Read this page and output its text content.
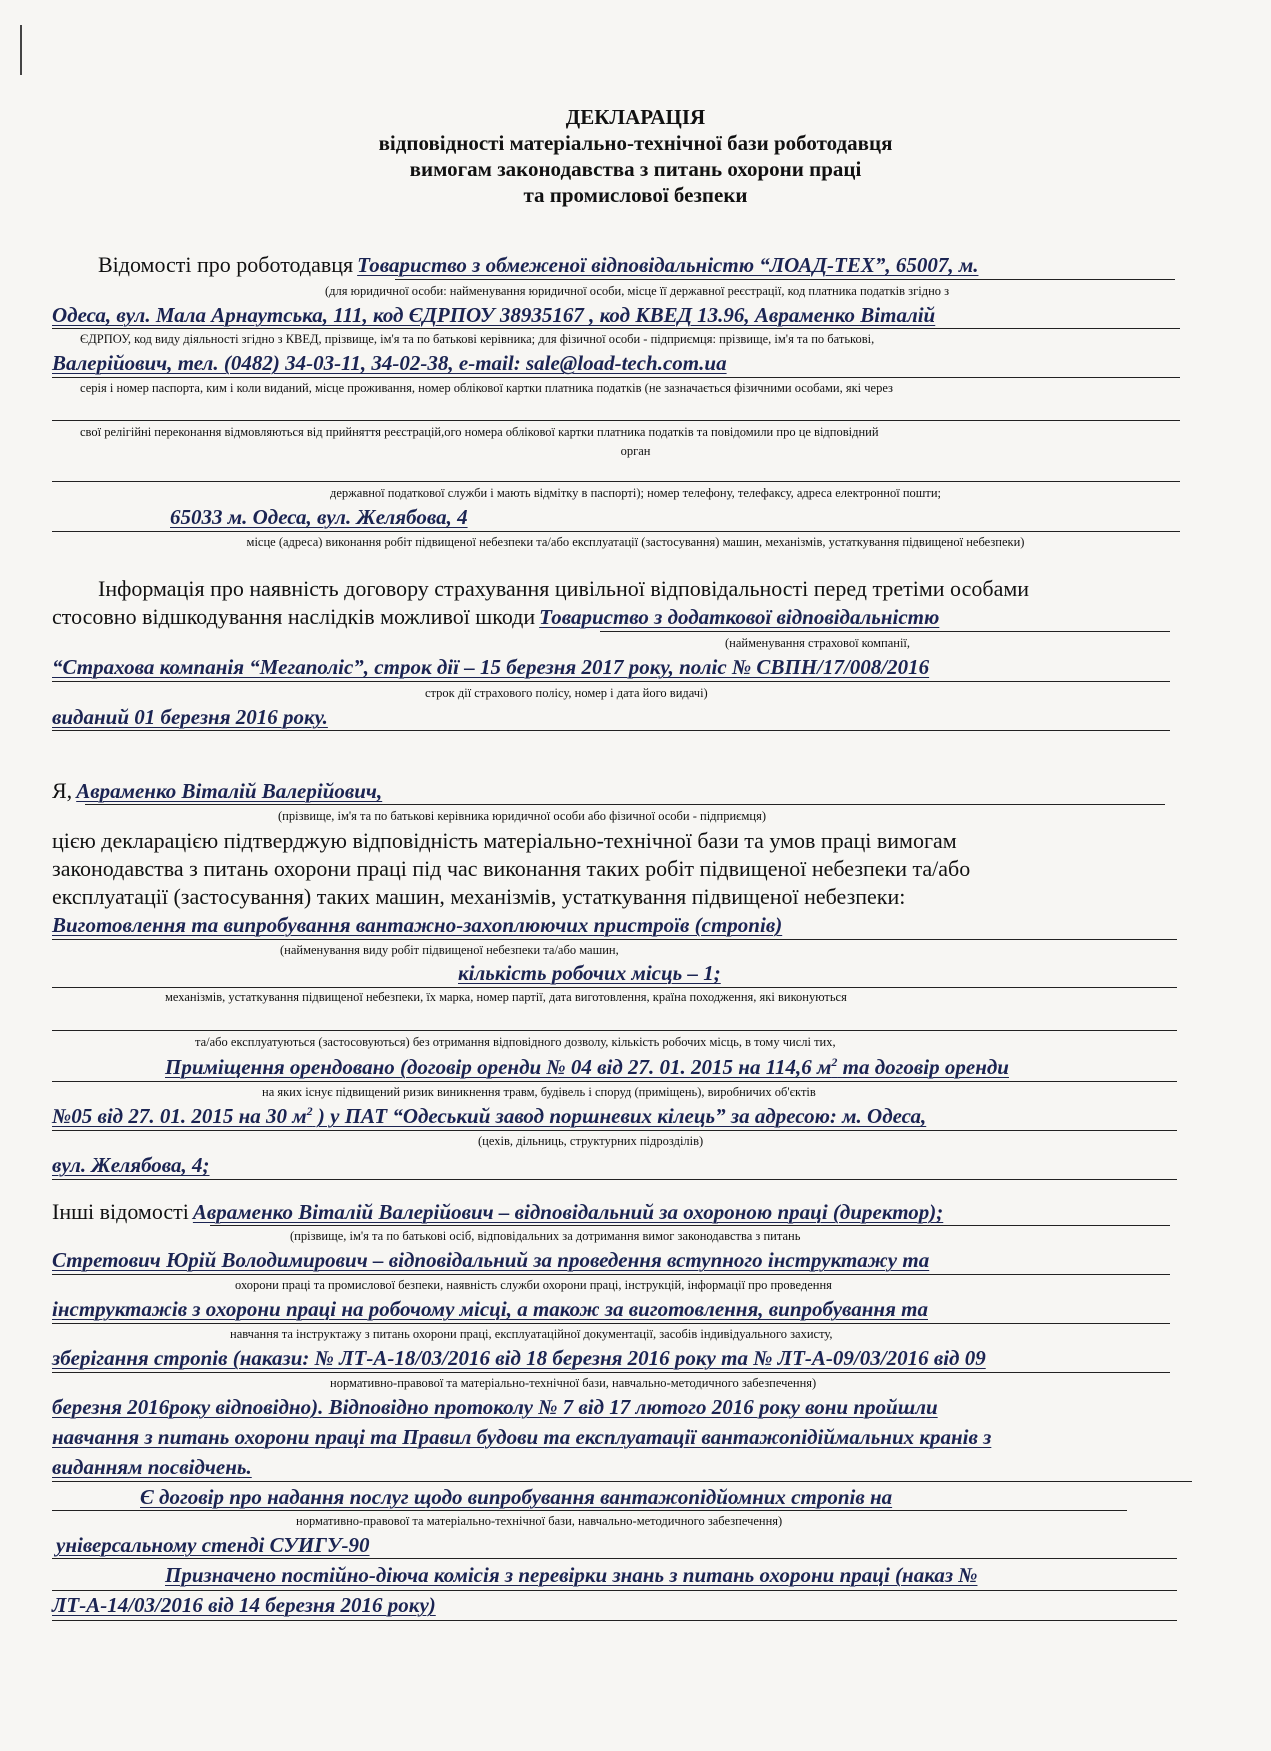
ДЕКЛАРАЦІЯ
відповідності матеріально-технічної бази роботодавця
вимогам законодавства з питань охорони праці
та промислової безпеки
Відомості про роботодавця Товариство з обмеженої відповідальністю “ЛОАД-ТЕХ”, 65007, м.
(для юридичної особи: найменування юридичної особи, місце її державної реєстрації, код платника податків згідно з
Одеса, вул. Мала Арнаутська, 111, код ЄДРПОУ 38935167 , код КВЕД 13.96, Авраменко Віталій
ЄДРПОУ, код виду діяльності згідно з КВЕД, прізвище, ім'я та по батькові керівника; для фізичної особи - підприємця: прізвище, ім'я та по батькові,
Валерійович, тел. (0482) 34-03-11, 34-02-38, e-mail: sale@load-tech.com.ua
серія і номер паспорта, ким і коли виданий, місце проживання, номер облікової картки платника податків (не зазначається фізичними особами, які через
свої релігійні переконання відмовляються від прийняття реєстрацій,ого номера облікової картки платника податків та повідомили про це відповідний
орган
державної податкової служби і мають відмітку в паспорті); номер телефону, телефаксу, адреса електронної пошти;
65033 м. Одеса, вул. Желябова, 4
місце (адреса) виконання робіт підвищеної небезпеки та/або експлуатації (застосування) машин, механізмів, устаткування підвищеної небезпеки)
Інформація про наявність договору страхування цивільної відповідальності перед третіми особами
стосовно відшкодування наслідків можливої шкоди Товариство з додаткової відповідальністю
(найменування страхової компанії,
“Страхова компанія “Мегаполіс”, строк дії – 15 березня 2017 року, поліс № СВПН/17/008/2016
строк дії страхового полісу, номер і дата його видачі)
виданий 01 березня 2016 року.
Я, Авраменко Віталій Валерійович,
(прізвище, ім'я та по батькові керівника юридичної особи або фізичної особи - підприємця)
цією декларацією підтверджую відповідність матеріально-технічної бази та умов праці вимогам
законодавства з питань охорони праці під час виконання таких робіт підвищеної небезпеки та/або
експлуатації (застосування) таких машин, механізмів, устаткування підвищеної небезпеки:
Виготовлення та випробування вантажно-захоплюючих пристроїв (стропів)
(найменування виду робіт підвищеної небезпеки та/або машин,
кількість робочих місць – 1;
механізмів, устаткування підвищеної небезпеки, їх марка, номер партії, дата виготовлення, країна походження, які виконуються
та/або експлуатуються (застосовуються) без отримання відповідного дозволу, кількість робочих місць, в тому числі тих,
Приміщення орендовано (договір оренди № 04 від 27. 01. 2015 на 114,6 $м^2$ та договір оренди
на яких існує підвищений ризик виникнення травм, будівель і споруд (приміщень), виробничих об'єктів
№05 від 27. 01. 2015 на 30 $м^2$ ) у ПАТ “Одеський завод поршневих кілець” за адресою: м. Одеса,
(цехів, дільниць, структурних підрозділів)
вул. Желябова, 4;
Інші відомості Авраменко Віталій Валерійович – відповідальний за охороною праці (директор);
(прізвище, ім'я та по батькові осіб, відповідальних за дотримання вимог законодавства з питань
Стретович Юрій Володимирович – відповідальний за проведення вступного інструктажу та
охорони праці та промислової безпеки, наявність служби охорони праці, інструкцій, інформації про проведення
інструктажів з охорони праці на робочому місці, а також за виготовлення, випробування та
навчання та інструктажу з питань охорони праці, експлуатаційної документації, засобів індивідуального захисту,
зберігання стропів (накази: № ЛТ-А-18/03/2016 від 18 березня 2016 року та № ЛТ-А-09/03/2016 від 09
нормативно-правової та матеріально-технічної бази, навчально-методичного забезпечення)
березня 2016року відповідно). Відповідно протоколу № 7 від 17 лютого 2016 року вони пройшли
навчання з питань охорони праці та Правил будови та експлуатації вантажопідіймальних кранів з
виданням посвідчень.
Є договір про надання послуг щодо випробування вантажопідйомних стропів на
нормативно-правової та матеріально-технічної бази, навчально-методичного забезпечення)
універсальному стенді СУИГУ-90
Призначено постійно-діюча комісія з перевірки знань з питань охорони праці (наказ №
ЛТ-А-14/03/2016 від 14 березня 2016 року)
